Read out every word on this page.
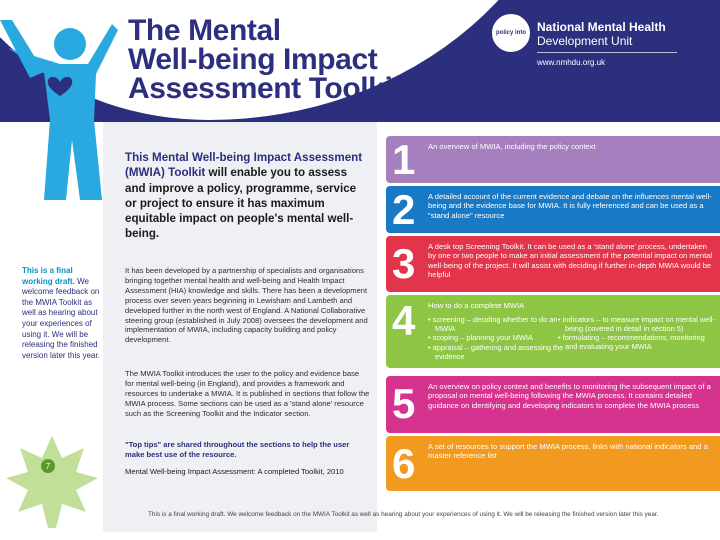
The Mental
Well-being Impact
Assessment Toolkit
policy into practice into
National Mental Health
Development Unit
www.nmhdu.org.uk
This is a final working draft. We welcome feedback on the MWIA Toolkit as well as hearing about your experiences of using it. We will be releasing the finished version later this year.
7
This Mental Well-being Impact Assessment (MWIA) Toolkit will enable you to assess and improve a policy, programme, service or project to ensure it has maximum equitable impact on people's mental well-being.
It has been developed by a partnership of specialists and organisations bringing together mental health and well-being and Health Impact Assessment (HIA) knowledge and skills. There has been a development process over seven years beginning in Lewisham and Lambeth and developed further in the north west of England. A National Collaborative steering group (established in July 2008) oversees the development and implementation of MWIA, including capacity building and policy development.
The MWIA Toolkit introduces the user to the policy and evidence base for mental well-being (in England), and provides a framework and resources to undertake a MWIA. It is published in sections that follow the MWIA process. Some sections can be used as a 'stand alone' resource such as the Screening Toolkit and the Indicator section.
"Top tips" are shared throughout the sections to help the user make best use of the resource.
Mental Well-being Impact Assessment: A completed Toolkit, 2010
1 An overview of MWIA, including the policy context
2 A detailed account of the current evidence and debate on the influences mental well-being and the evidence base for MWIA. It is fully referenced and can be used as a "stand alone" resource
3 A desk top Screening Toolkit. It can be used as a 'stand alone' process, undertaken by one or two people to make an initial assessment of the potential impact on mental well-being of the project. It will assist with deciding if further in-depth MWIA would be helpful
4 How to do a complete MWIA
• screening – deciding whether to do an MWIA
• scoping – planning your MWIA
• appraisal – gathering and assessing the evidence
• indicators – to measure impact on mental well-being (covered in detail in section 5)
• formulating – recommendations, monitoring and evaluating your MWIA
5 An overview on policy context and benefits to monitoring the subsequent impact of a proposal on mental well-being following the MWIA process. It contains detailed guidance on identifying and developing indicators to complete the MWIA process
6 A set of resources to support the MWIA process, links with national indicators and a master reference list
This is a final working draft. We welcome feedback on the MWIA Toolkit as well as hearing about your experiences of using it. We will be releasing the finished version later this year.
